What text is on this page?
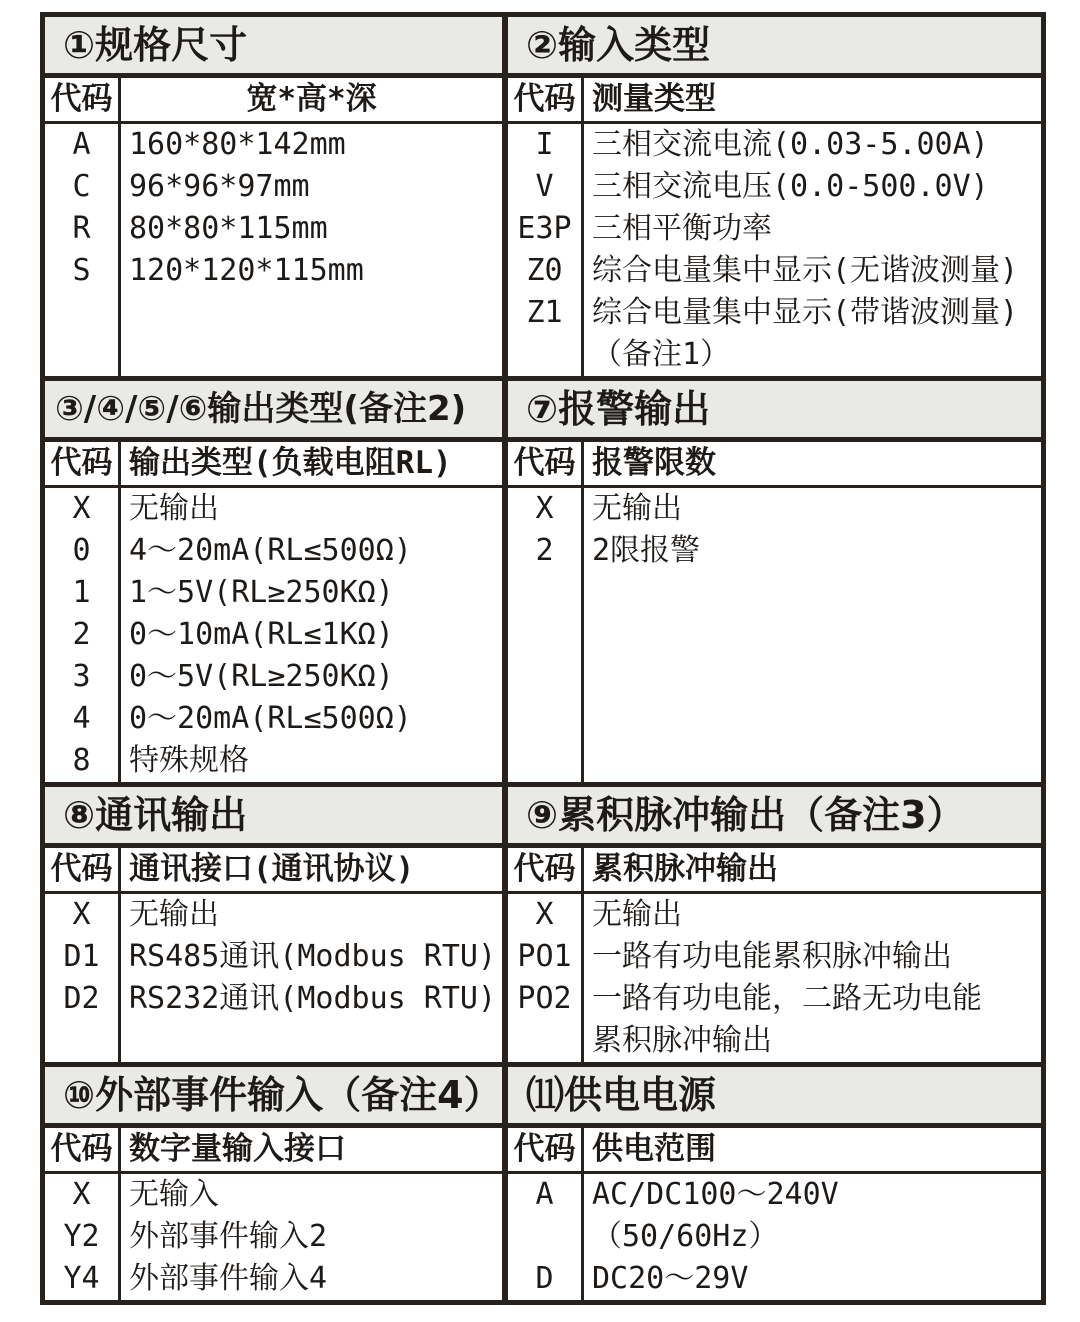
①规格尺寸
代码	宽*高*深
A
C
R
S
160*80*142mm
96*96*97mm
80*80*115mm
120*120*115mm
②输入类型
代码 测量类型
I
V
E3P
Z0
Z1
三相交流电流(0.03-5.00A)
三相交流电压(0.0-500.0V)
三相平衡功率
综合电量集中显示(无谐波测量)
综合电量集中显示(带谐波测量)
（备注1）
③/④/⑤/⑥输出类型(备注2)
代码 输出类型(负载电阻RL)
X
0
1
2
3
4
8
无输出
4～20mA(RL≤500Ω)
1～5V(RL≥250KΩ)
0～10mA(RL≤1KΩ)
0～5V(RL≥250KΩ)
0～20mA(RL≤500Ω)
特殊规格
⑦报警输出
代码 报警限数
X
2
无输出
2限报警
⑧通讯输出
代码 通讯接口(通讯协议)
X
D1
D2
无输出
RS485通讯(Modbus RTU)
RS232通讯(Modbus RTU)
⑨累积脉冲输出（备注3）
代码 累积脉冲输出
X
PO1
PO2
无输出
一路有功电能累积脉冲输出
一路有功电能，二路无功电能
累积脉冲输出
⑩外部事件输入（备注4）
代码 数字量输入接口
X
Y2
Y4
无输入
外部事件输入2
外部事件输入4
⑾供电电源
代码 供电范围
A
D
AC/DC100～240V
（50/60Hz）
DC20～29V
